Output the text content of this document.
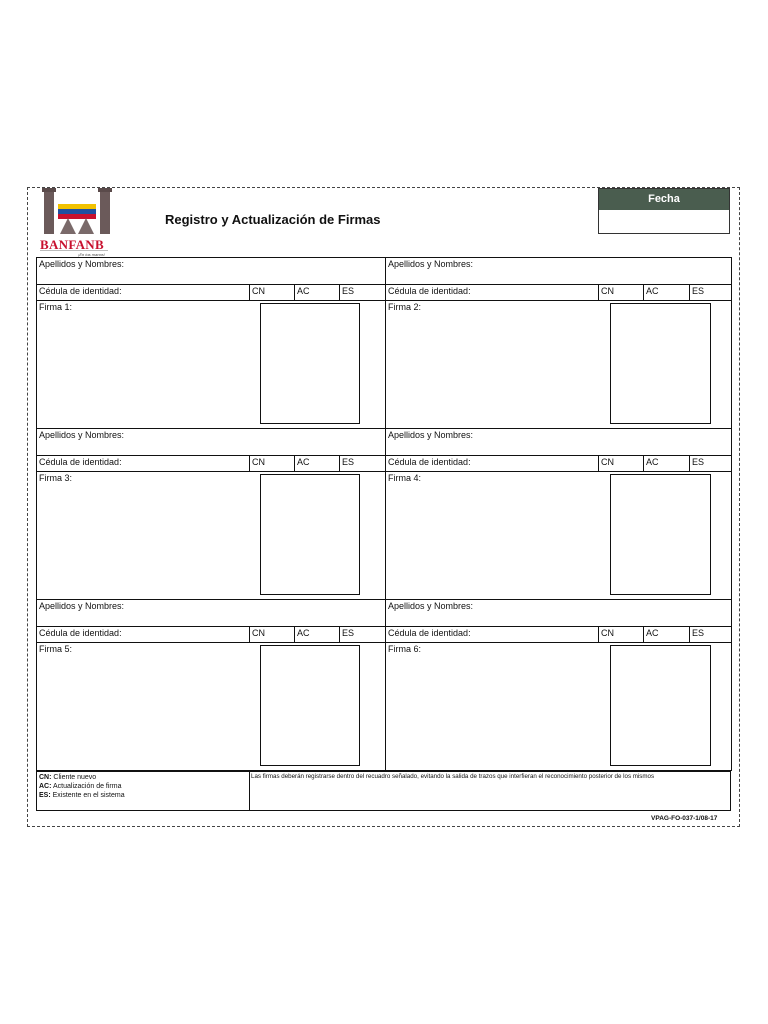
BANFANB
¡En tus manos!
Registro y Actualización de Firmas
Fecha
Apellidos y Nombres:
Cédula de identidad:	CN	AC	ES
Firma 1:
Apellidos y Nombres:
Cédula de identidad:	CN	AC	ES
Firma 2:
Apellidos y Nombres:
Cédula de identidad:	CN	AC	ES
Firma 3:
Apellidos y Nombres:
Cédula de identidad:	CN	AC	ES
Firma 4:
Apellidos y Nombres:
Cédula de identidad:	CN	AC	ES
Firma 5:
Apellidos y Nombres:
Cédula de identidad:	CN	AC	ES
Firma 6:
CN: Cliente nuevo
AC: Actualización de firma
ES: Existente en el sistema
Las firmas deberán registrarse dentro del recuadro señalado, evitando la salida de trazos que interfieran el reconocimiento posterior de los mismos
VPAG-FO-037-1/08-17
